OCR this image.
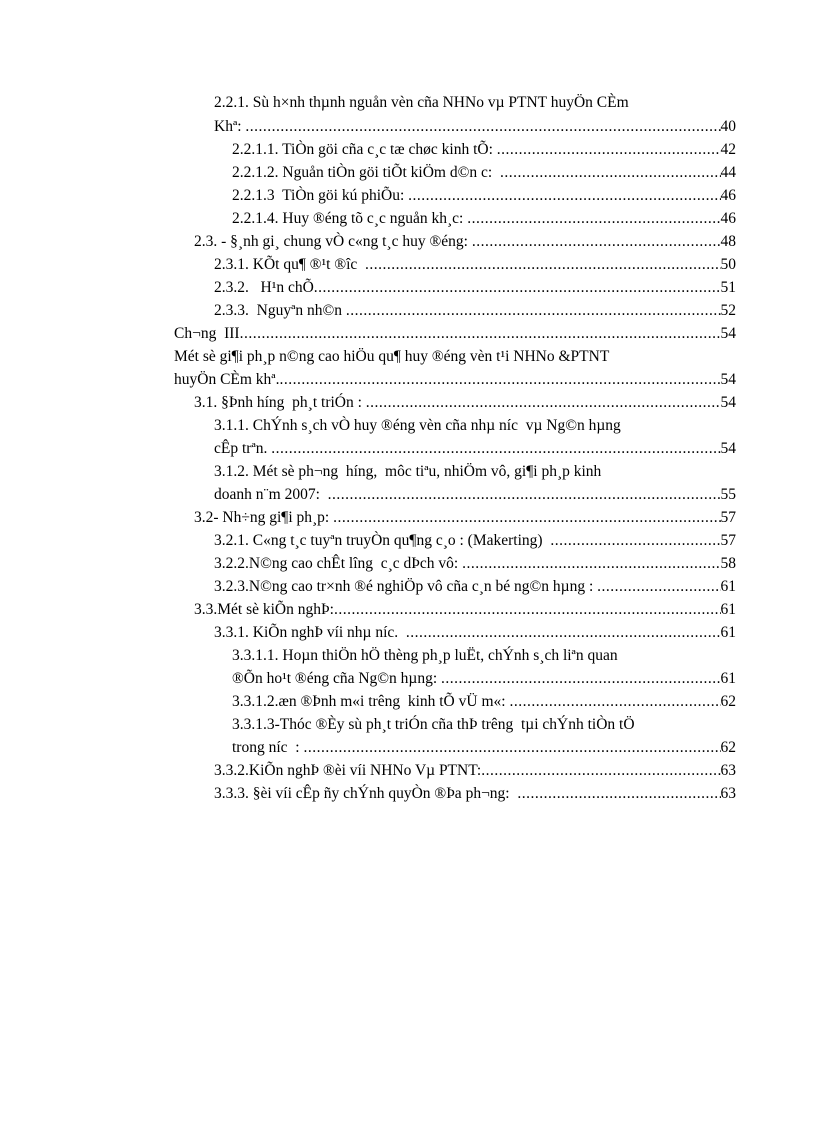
2.2.1. Sù h×nh thµnh nguån vèn cña NHNo vµ PTNT huyÖn CÈm
Khª: .....	40
2.2.1.1. TiÒn göi cña c¸c tæ chøc kinh tÕ: .....	42
2.2.1.2. Nguån tiÒn göi tiÕt kiÖm d©n c: .....	44
2.2.1.3  TiÒn göi kú phiÕu: .....	46
2.2.1.4. Huy ®éng tõ c¸c nguån kh¸c: .....	46
2.3. - §¸nh gi¸ chung vÒ c«ng t¸c huy ®éng: .....	48
2.3.1. KÕt qu¶ ®¹t ®îc .....	50
2.3.2.   H¹n chÕ .....	51
2.3.3.  Nguyªn nh©n .....	52
Ch¬ng  III .....	54
Mét sè gi¶i ph¸p n©ng cao hiÖu qu¶ huy ®éng vèn t¹i NHNo &PTNT
huyÖn CÈm khª. .....	54
3.1. §Þnh híng  ph¸t triÓn : .....	54
3.1.1. ChÝnh s¸ch vÒ huy ®éng vèn cña nhµ níc  vµ Ng©n hµng
cÊp trªn. .....	54
3.1.2. Mét sè ph¬ng  híng,  môc tiªu, nhiÖm vô, gi¶i ph¸p kinh
doanh n¨m 2007: .....	55
3.2- Nh÷ng gi¶i ph¸p: .....	57
3.2.1. C«ng t¸c tuyªn truyÒn qu¶ng c¸o : (Makerting) .....	57
3.2.2.N©ng cao chÊt lîng  c¸c dÞch vô: .....	58
3.2.3.N©ng cao tr×nh ®é nghiÖp vô cña c¸n bé ng©n hµng : .....	61
3.3.Mét sè kiÕn nghÞ: .....	61
3.3.1. KiÕn nghÞ víi nhµ níc. .....	61
3.3.1.1. Hoµn thiÖn hÖ thèng ph¸p luËt, chÝnh s¸ch liªn quan
®Õn ho¹t ®éng cña Ng©n hµng: .....	61
3.3.1.2.æn ®Þnh m«i trêng  kinh tÕ vÜ m«: .....	62
3.3.1.3-Thóc ®Èy sù ph¸t triÓn cña thÞ trêng  tµi chÝnh tiÒn tÖ
trong níc  : .....	62
3.3.2.KiÕn nghÞ ®èi víi NHNo Vµ PTNT: .....	63
3.3.3. §èi víi cÊp ñy chÝnh quyÒn ®Þa ph¬ng: .....	63
